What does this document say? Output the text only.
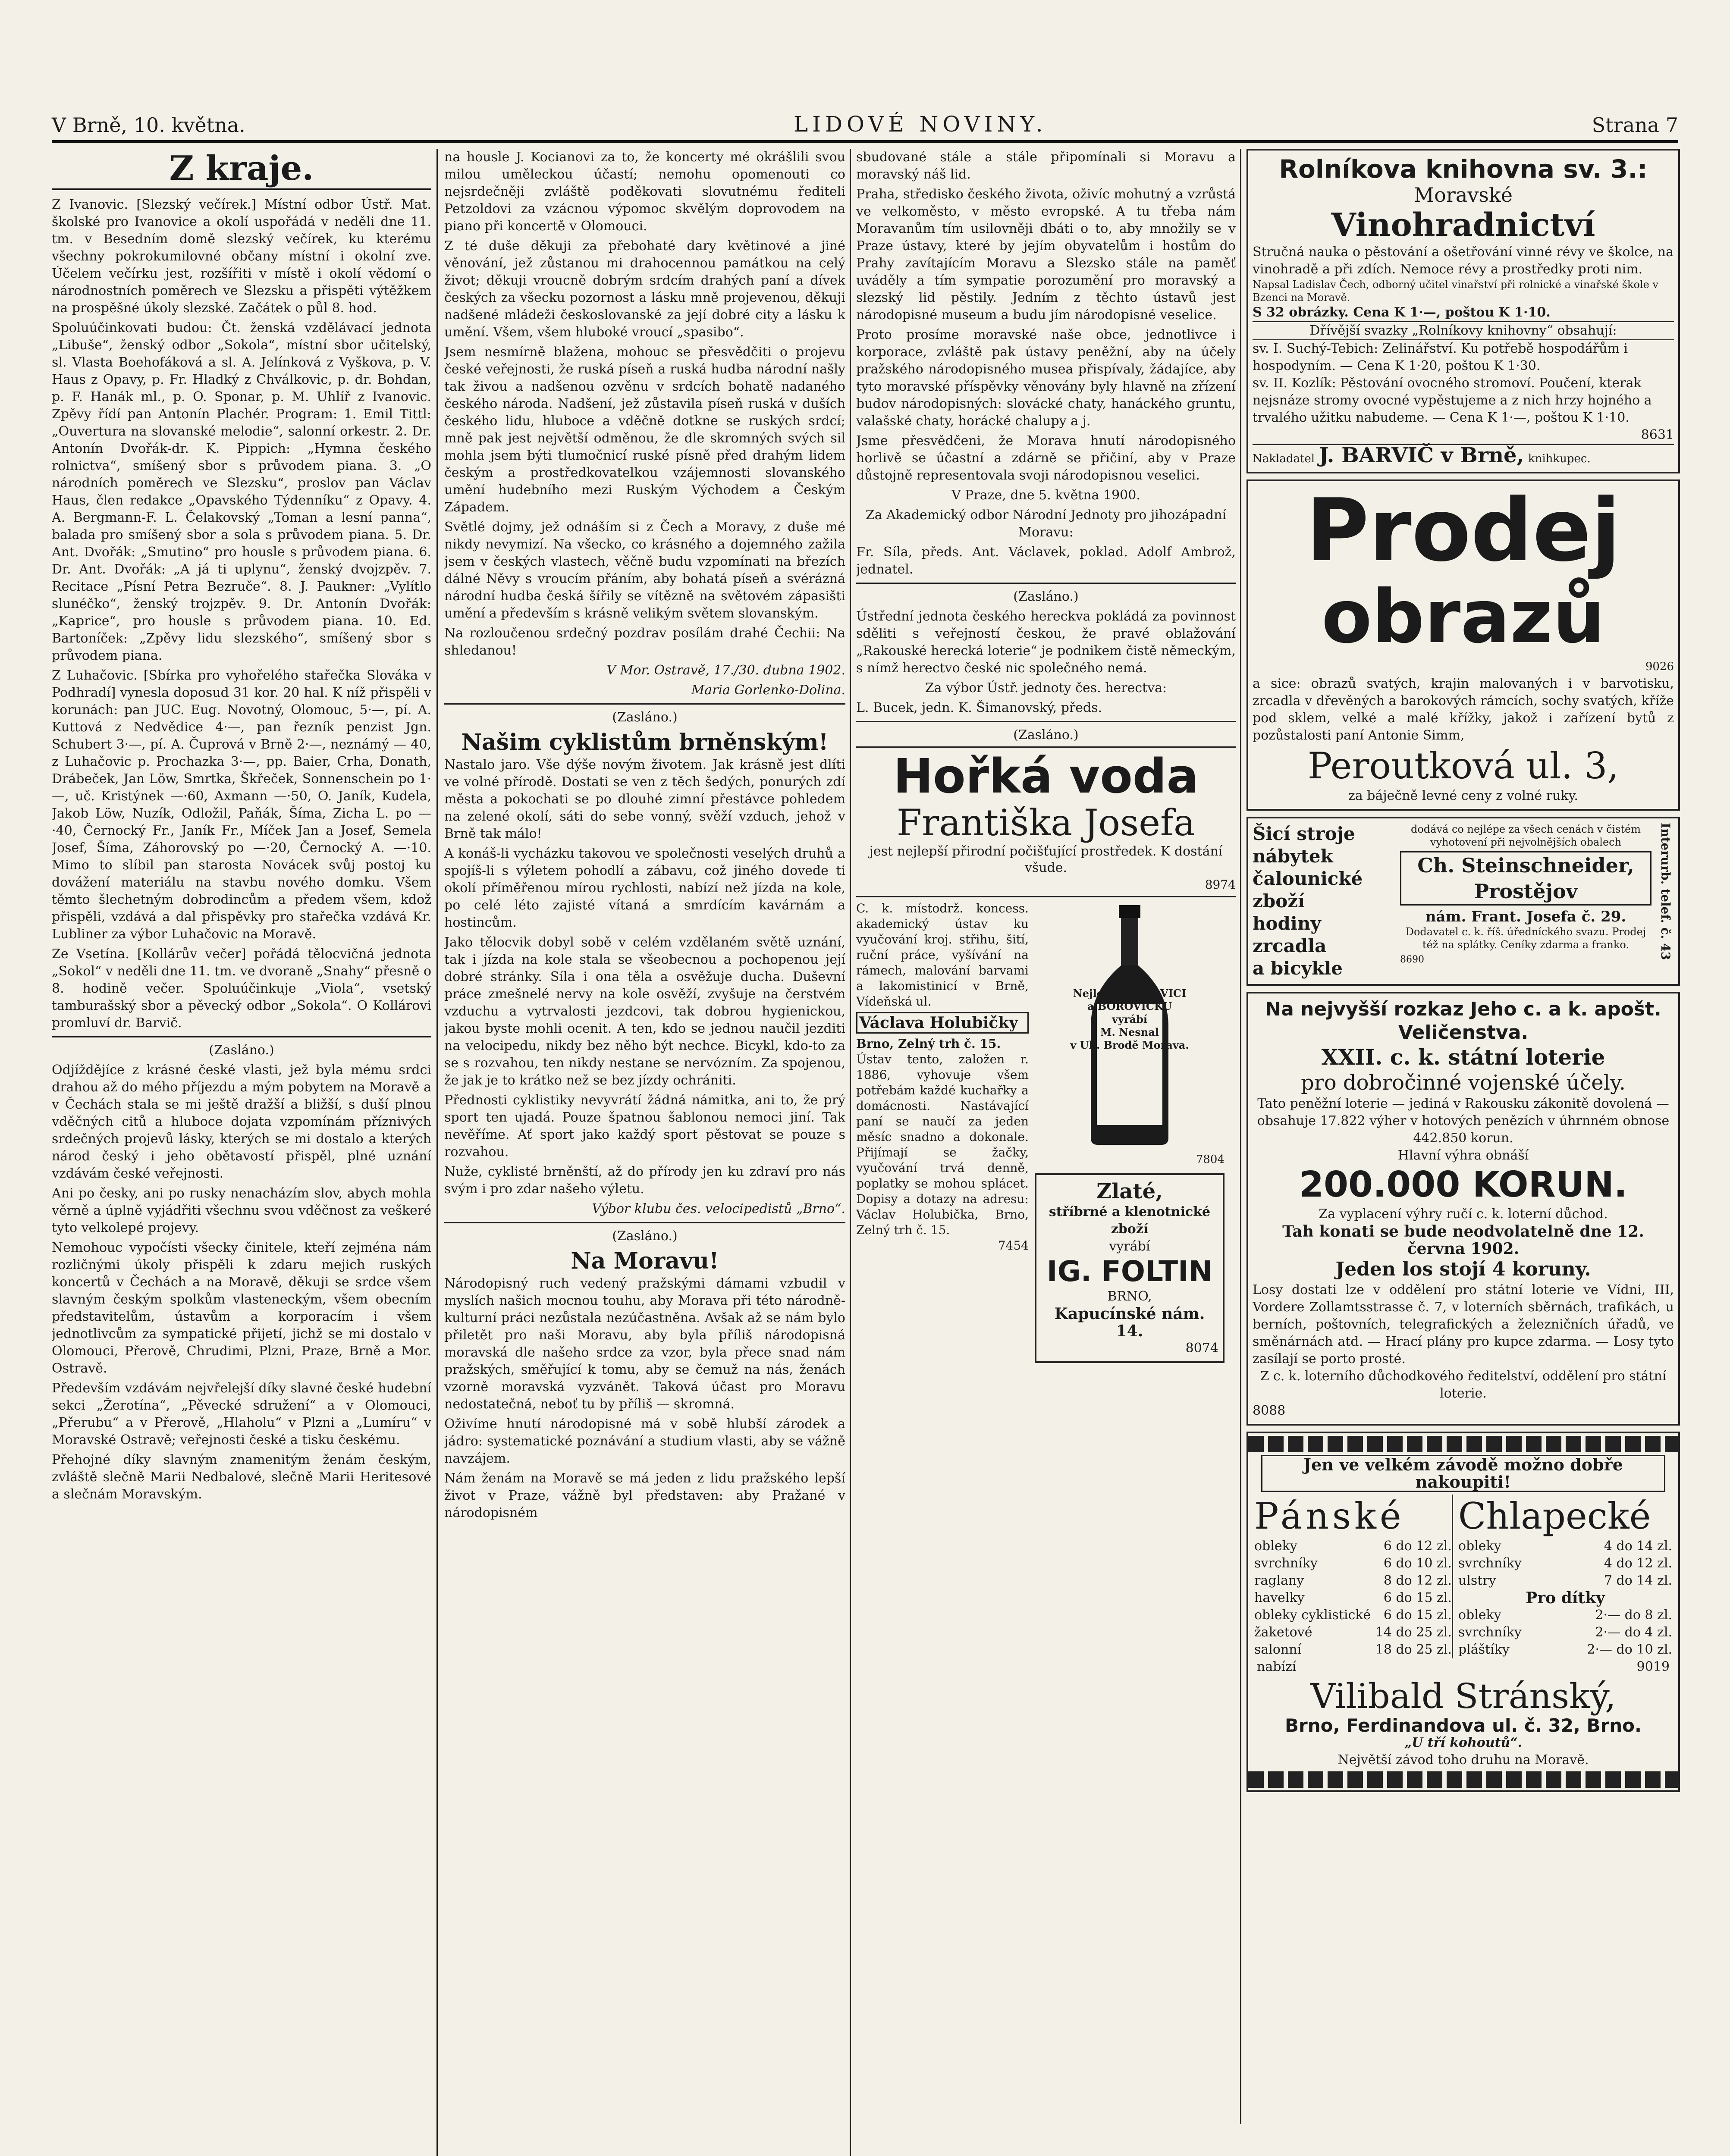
V Brně, 10. května.	LIDOVÉ NOVINY.	Strana 7
Z kraje.

Z Ivanovic. [Slezský večírek.] Místní odbor Ústř. Mat. školské pro Ivanovice a okolí uspořádá v neděli dne 11. tm. v Besedním domě slezský večírek, ku kterému všechny pokrokumilovné občany místní i okolní zve. Účelem večírku jest, rozšířiti v místě i okolí vědomí o národnostních poměrech ve Slezsku a přispěti výtěžkem na prospěšné úkoly slezské. Začátek o půl 8. hod.

Spoluúčinkovati budou: Čt. ženská vzdělávací jednota „Libuše“, ženský odbor „Sokola“, místní sbor učitelský, sl. Vlasta Boehofáková a sl. A. Jelínková z Vyškova, p. V. Haus z Opavy, p. Fr. Hladký z Chválkovic, p. dr. Bohdan, p. F. Hanák ml., p. O. Sponar, p. M. Uhlíř z Ivanovic. Zpěvy řídí pan Antonín Plachér. Program: 1. Emil Tittl: „Ouvertura na slovanské melodie“, salonní orkestr. 2. Dr. Antonín Dvořák-dr. K. Pippich: „Hymna českého rolnictva“, smíšený sbor s průvodem piana. 3. „O národních poměrech ve Slezsku“, proslov pan Václav Haus, člen redakce „Opavského Týdenníku“ z Opavy. 4. A. Bergmann-F. L. Čelakovský „Toman a lesní panna“, balada pro smíšený sbor a sola s průvodem piana. 5. Dr. Ant. Dvořák: „Smutino“ pro housle s průvodem piana. 6. Dr. Ant. Dvořák: „A já ti uplynu“, ženský dvojzpěv. 7. Recitace „Písní Petra Bezruče“. 8. J. Paukner: „Vylítlo slunéčko“, ženský trojzpěv. 9. Dr. Antonín Dvořák: „Kaprice“, pro housle s průvodem piana. 10. Ed. Bartoníček: „Zpěvy lidu slezského“, smíšený sbor s průvodem piana.

Z Luhačovic. [Sbírka pro vyhořelého stařečka Slováka v Podhradí] vynesla doposud 31 kor. 20 hal. K níž přispěli v korunách: pan JUC. Eug. Novotný, Olomouc, 5·—, pí. A. Kuttová z Nedvědice 4·—, pan řezník penzist Jgn. Schubert 3·—, pí. A. Čuprová v Brně 2·—, neznámý — 40, z Luhačovic p. Prochazka 3·—, pp. Baier, Crha, Donath, Drábeček, Jan Löw, Smrtka, Škřeček, Sonnenschein po 1·—, uč. Kristýnek —·60, Axmann —·50, O. Janík, Kudela, Jakob Löw, Nuzík, Odložil, Paňák, Šíma, Zicha L. po —·40, Černocký Fr., Janík Fr., Míček Jan a Josef, Semela Josef, Šíma, Záhorovský po —·20, Černocký A. —·10. Mimo to slíbil pan starosta Novácek svůj postoj ku dovážení materiálu na stavbu nového domku. Všem těmto šlechetným dobrodincům a předem všem, kdož přispěli, vzdává a dal přispěvky pro stařečka vzdává Kr. Lubliner za výbor Luhačovic na Moravě.

Ze Vsetína. [Kollárův večer] pořádá tělocvičná jednota „Sokol“ v neděli dne 11. tm. ve dvoraně „Snahy“ přesně o 8. hodině večer. Spoluúčinkuje „Viola“, vsetský tamburašský sbor a pěvecký odbor „Sokola“. O Kollárovi promluví dr. Barvič.

(Zasláno.)

Odjíždějíce z krásné české vlasti, jež byla mému srdci drahou až do mého příjezdu a mým pobytem na Moravě a v Čechách stala se mi ještě dražší a bližší, s duší plnou vděčných citů a hluboce dojata vzpomínám příznivých srdečných projevů lásky, kterých se mi dostalo a kterých národ český i jeho obětavostí přispěl, plné uznání vzdávám české veřejnosti.

Ani po česky, ani po rusky nenacházím slov, abych mohla věrně a úplně vyjádřiti všechnu svou vděčnost za veškeré tyto velkolepé projevy.

Nemohouc vypočísti všecky činitele, kteří zejména nám rozličnými úkoly přispěli k zdaru mejich ruských koncertů v Čechách a na Moravě, děkuji se srdce všem slavným českým spolkům vlasteneckým, všem obecním představitelům, ústavům a korporacím i všem jednotlivcům za sympatické přijetí, jichž se mi dostalo v Olomouci, Přerově, Chrudimi, Plzni, Praze, Brně a Mor. Ostravě.

Především vzdávám nejvřelejší díky slavné české hudební sekci „Žerotína“, „Pěvecké sdružení“ a v Olomouci, „Přerubu“ a v Přerově, „Hlaholu“ v Plzni a „Lumíru“ v Moravské Ostravě; veřejnosti české a tisku českému.

Přehojné díky slavným znamenitým ženám českým, zvláště slečně Marii Nedbalové, slečně Marii Heritesové a slečnám Moravským.

na housle J. Kocianovi za to, že koncerty mé okrášlili svou milou uměleckou účastí; nemohu opomenouti co nejsrdečněji zvláště poděkovati slovutnému řediteli Petzoldovi za vzácnou výpomoc skvělým doprovodem na piano při koncertě v Olomouci.

Z té duše děkuji za přebohaté dary květinové a jiné věnování, jež zůstanou mi drahocennou památkou na celý život; děkuji vroucně dobrým srdcím drahých paní a dívek českých za všecku pozornost a lásku mně projevenou, děkuji nadšené mládeži českoslovanské za její dobré city a lásku k umění. Všem, všem hluboké vroucí „spasibo“.

Jsem nesmírně blažena, mohouc se přesvědčiti o projevu české veřejnosti, že ruská píseň a ruská hudba národní našly tak živou a nadšenou ozvěnu v srdcích bohatě nadaného českého národa. Nadšení, jež zůstavila píseň ruská v duších českého lidu, hluboce a vděčně dotkne se ruských srdcí; mně pak jest největší odměnou, že dle skromných svých sil mohla jsem býti tlumočnicí ruské písně před drahým lidem českým a prostředkovatelkou vzájemnosti slovanského umění hudebního mezi Ruským Východem a Českým Západem.

Světlé dojmy, jež odnáším si z Čech a Moravy, z duše mé nikdy nevymizí. Na všecko, co krásného a dojemného zažila jsem v českých vlastech, věčně budu vzpomínati na březích dálné Něvy s vroucím přáním, aby bohatá píseň a svérázná národní hudba česká šířily se vítězně na světovém zápasišti umění a především s krásně velikým světem slovanským.

Na rozloučenou srdečný pozdrav posílám drahé Čechii: Na shledanou!

V Mor. Ostravě, 17./30. dubna 1902.

Maria Gorlenko-Dolina.

(Zasláno.)

Našim cyklistům brněnským!

Nastalo jaro. Vše dýše novým životem. Jak krásně jest dlíti ve volné přírodě. Dostati se ven z těch šedých, ponurých zdí města a pokochati se po dlouhé zimní přestávce pohledem na zelené okolí, sáti do sebe vonný, svěží vzduch, jehož v Brně tak málo!

A konáš-li vycházku takovou ve společnosti veselých druhů a spojíš-li s výletem pohodlí a zábavu, což jiného dovede ti okolí příměřenou mírou rychlosti, nabízí než jízda na kole, po celé léto zajisté vítaná a smrdícím kavárnám a hostincům.

Jako tělocvik dobyl sobě v celém vzdělaném světě uznání, tak i jízda na kole stala se všeobecnou a pochopenou její dobré stránky. Síla i ona těla a osvěžuje ducha. Duševní práce zmešnelé nervy na kole osvěží, zvyšuje na čerstvém vzduchu a vytrvalosti jezdcovi, tak dobrou hygienickou, jakou byste mohli ocenit. A ten, kdo se jednou naučil jezditi na velocipedu, nikdy bez něho být nechce. Bicykl, kdo-to za se s rozvahou, ten nikdy nestane se nervózním. Za spojenou, že jak je to krátko než se bez jízdy ochrániti.

Přednosti cyklistiky nevyvrátí žádná námitka, ani to, že prý sport ten ujadá. Pouze špatnou šablonou nemoci jiní. Tak nevěříme. Ať sport jako každý sport pěstovat se pouze s rozvahou.

Nuže, cyklisté brněnští, až do přírody jen ku zdraví pro nás svým i pro zdar našeho výletu.

Výbor klubu čes. velocipedistů „Brno“.

(Zasláno.)

Na Moravu!

Národopisný ruch vedený pražskými dámami vzbudil v myslích našich mocnou touhu, aby Morava při této národně-kulturní práci nezůstala nezúčastněna. Avšak až se nám bylo přiletět pro naši Moravu, aby byla příliš národopisná moravská dle našeho srdce za vzor, byla přece snad nám pražských, směřující k tomu, aby se čemuž na nás, ženách vzorně moravská vyzvánět. Taková účast pro Moravu nedostatečná, neboť tu by příliš — skromná.

Oživíme hnutí národopisné má v sobě hlubší zárodek a jádro: systematické poznávání a studium vlasti, aby se vážně navzájem.

Nám ženám na Moravě se má jeden z lidu pražského lepší život v Praze, vážně byl představen: aby Pražané v národopisném

sbudované stále a stále připomínali si Moravu a moravský náš lid.

Praha, středisko českého života, oživíc mohutný a vzrůstá ve velkoměsto, v město evropské. A tu třeba nám Moravanům tím usilovněji dbáti o to, aby množily se v Praze ústavy, které by jejím obyvatelům i hostům do Prahy zavítajícím Moravu a Slezsko stále na paměť uváděly a tím sympatie porozumění pro moravský a slezský lid pěstily. Jedním z těchto ústavů jest národopisné museum a budu jím národopisné veselice.

Proto prosíme moravské naše obce, jednotlivce i korporace, zvláště pak ústavy peněžní, aby na účely pražského národopisného musea přispívaly, žádajíce, aby tyto moravské příspěvky věnovány byly hlavně na zřízení budov národopisných: slovácké chaty, hanáckého gruntu, valašské chaty, horácké chalupy a j.

Jsme přesvědčeni, že Morava hnutí národopisného horlivě se účastní a zdárně se přičiní, aby v Praze důstojně representovala svoji národopisnou veselici.

V Praze, dne 5. května 1900.

Za Akademický odbor Národní Jednoty pro jihozápadní Moravu:

Fr. Síla, předs. Ant. Václavek, poklad. Adolf Ambrož, jednatel.

(Zasláno.)

Ústřední jednota českého hereckva pokládá za povinnost sděliti s veřejností českou, že pravé oblažování „Rakouské herecká loterie“ je podnikem čistě německým, s nímž herectvo české nic společného nemá.

Za výbor Ústř. jednoty čes. herectva:

L. Bucek, jedn. K. Šimanovský, předs.

(Zasláno.)

Hořká voda
Františka Josefa
jest nejlepší přirodní počišťující prostředek. K dostání všude.
8974
C. k. místodrž. koncess. akademický ústav ku vyučování kroj. střihu, šití, ruční práce, vyšívání na rámech, malování barvami a lakomistinicí v Brně, Vídeňská ul.
Václava Holubičky
Brno, Zelný trh č. 15.
Ústav tento, založen r. 1886, vyhovuje všem potřebám každé kuchařky a domácnosti. Nastávající paní se naučí za jeden měsíc snadno a dokonale. Přijímají se žačky, vyučování trvá denně, poplatky se mohou splácet. Dopisy a dotazy na adresu: Václav Holubička, Brno, Zelný trh č. 15.
7454
Nejlepší SLIVOVICI
a BOROVIČKU
vyrábí
M. Nesnal
v Uh. Brodě Morava.
7804
Zlaté,
stříbrné a klenotnické zboží
vyrábí
IG. FOLTIN
BRNO,
Kapucínské nám. 14.
8074
Rolníkova knihovna sv. 3.:
Moravské
Vinohradnictví
Stručná nauka o pěstování a ošetřování vinné révy ve školce, na vinohradě a při zdích. Nemoce révy a prostředky proti nim.
Napsal Ladislav Čech, odborný učitel vinařství při rolnické a vinařské škole v Bzenci na Moravě.
S 32 obrázky. Cena K 1·—, poštou K 1·10.
Dřívější svazky „Rolníkovy knihovny“ obsahují:
sv. I. Suchý-Tebich: Zelinářství. Ku potřebě hospodářům i hospodyním. — Cena K 1·20, poštou K 1·30.
sv. II. Kozlík: Pěstování ovocného stromoví. Poučení, kterak nejsnáze stromy ovocné vypěstujeme a z nich hrzy hojného a trvalého užitku nabudeme. — Cena K 1·—, poštou K 1·10.
8631
Nakladatel J. BARVIČ v Brně, knihkupec.
Prodej
obrazů
9026
a sice: obrazů svatých, krajin malovaných i v barvotisku, zrcadla v dřevěných a barokových rámcích, sochy svatých, kříže pod sklem, velké a malé křížky, jakož i zařízení bytů z pozůstalosti paní Antonie Simm,
Peroutková ul. 3,
za báječně levné ceny z volné ruky.
Šicí stroje
nábytek
čalounické zboží
hodiny
zrcadla
a bicykle
dodává co nejlépe za všech cenách v čistém vyhotovení při nejvolnějších obalech
Ch. Steinschneider, Prostějov
nám. Frant. Josefa č. 29.
Dodavatel c. k. říš. úředníckého svazu. Prodej též na splátky. Ceníky zdarma a franko.
8690	Interurb. telef. č. 43
Na nejvyšší rozkaz Jeho c. a k. apošt. Veličenstva.
XXII. c. k. státní loterie
pro dobročinné vojenské účely.
Tato peněžní loterie — jediná v Rakousku zákonitě dovolená — obsahuje 17.822 výher v hotových penězích v úhrnném obnose 442.850 korun.
Hlavní výhra obnáší
200.000 KORUN.
Za vyplacení výhry ručí c. k. loterní důchod.
Tah konati se bude neodvolatelně dne 12. června 1902.
Jeden los stojí 4 koruny.
Losy dostati lze v oddělení pro státní loterie ve Vídni, III, Vordere Zollamtsstrasse č. 7, v loterních sběrnách, trafikách, u berních, poštovních, telegrafických a železničních úřadů, ve směnárnách atd. — Hrací plány pro kupce zdarma. — Losy tyto zasílají se porto prosté.
Z c. k. loterního důchodkového ředitelství, oddělení pro státní loterie.
8088
Jen ve velkém závodě možno dobře nakoupiti!
Pánské
obleky	6 do 12 zl.
svrchníky	6 do 10 zl.
raglany	8 do 12 zl.
havelky	6 do 15 zl.
obleky cyklistické 6 do 15 zl.
žaketové	14 do 25 zl.
salonní	18 do 25 zl.
Chlapecké
obleky	4 do 14 zl.
svrchníky	4 do 12 zl.
ulstry	7 do 14 zl.
Pro dítky
obleky	2·— do 8 zl.
svrchníky	2·— do 4 zl.
pláštíky	2·— do 10 zl.
nabízí	9019
Vilibald Stránský,
Brno, Ferdinandova ul. č. 32, Brno.
„U tří kohoutů“.
Největší závod toho druhu na Moravě.
